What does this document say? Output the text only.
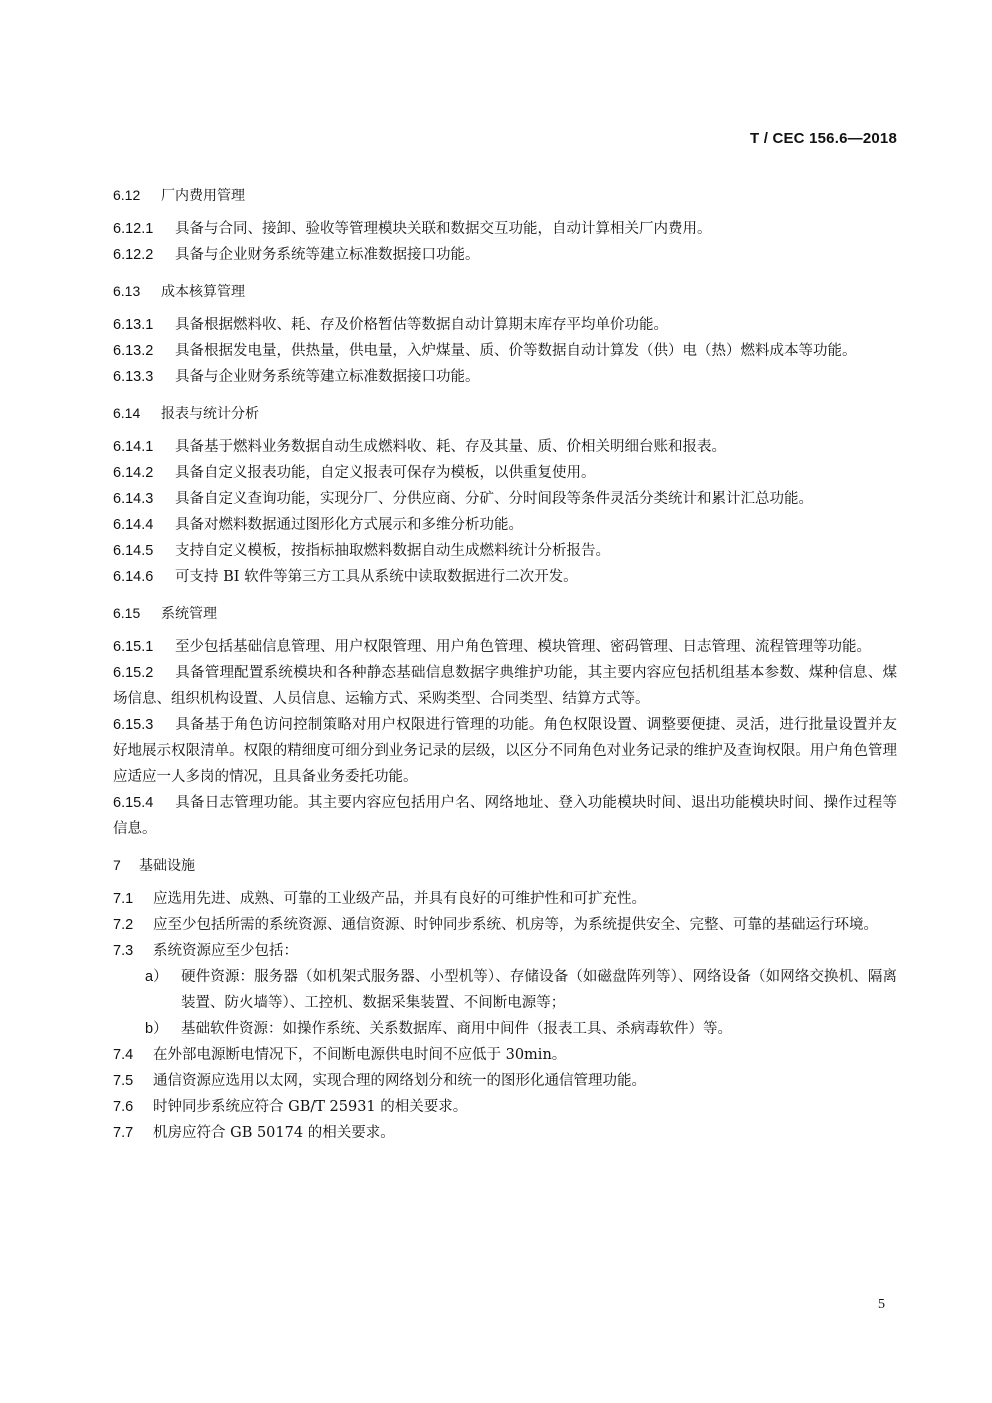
T / CEC 156.6—2018
6.12 厂内费用管理

6.12.1 具备与合同、接卸、验收等管理模块关联和数据交互功能，自动计算相关厂内费用。

6.12.2 具备与企业财务系统等建立标准数据接口功能。

6.13 成本核算管理

6.13.1 具备根据燃料收、耗、存及价格暂估等数据自动计算期末库存平均单价功能。

6.13.2 具备根据发电量，供热量，供电量，入炉煤量、质、价等数据自动计算发（供）电（热）燃料成本等功能。

6.13.3 具备与企业财务系统等建立标准数据接口功能。

6.14 报表与统计分析

6.14.1 具备基于燃料业务数据自动生成燃料收、耗、存及其量、质、价相关明细台账和报表。

6.14.2 具备自定义报表功能，自定义报表可保存为模板，以供重复使用。

6.14.3 具备自定义查询功能，实现分厂、分供应商、分矿、分时间段等条件灵活分类统计和累计汇总功能。

6.14.4 具备对燃料数据通过图形化方式展示和多维分析功能。

6.14.5 支持自定义模板，按指标抽取燃料数据自动生成燃料统计分析报告。

6.14.6 可支持 BI 软件等第三方工具从系统中读取数据进行二次开发。

6.15 系统管理

6.15.1 至少包括基础信息管理、用户权限管理、用户角色管理、模块管理、密码管理、日志管理、流程管理等功能。

6.15.2 具备管理配置系统模块和各种静态基础信息数据字典维护功能，其主要内容应包括机组基本参数、煤种信息、煤场信息、组织机构设置、人员信息、运输方式、采购类型、合同类型、结算方式等。

6.15.3 具备基于角色访问控制策略对用户权限进行管理的功能。角色权限设置、调整要便捷、灵活，进行批量设置并友好地展示权限清单。权限的精细度可细分到业务记录的层级，以区分不同角色对业务记录的维护及查询权限。用户角色管理应适应一人多岗的情况，且具备业务委托功能。

6.15.4 具备日志管理功能。其主要内容应包括用户名、网络地址、登入功能模块时间、退出功能模块时间、操作过程等信息。

7 基础设施

7.1 应选用先进、成熟、可靠的工业级产品，并具有良好的可维护性和可扩充性。

7.2 应至少包括所需的系统资源、通信资源、时钟同步系统、机房等，为系统提供安全、完整、可靠的基础运行环境。

7.3 系统资源应至少包括：

a） 硬件资源：服务器（如机架式服务器、小型机等）、存储设备（如磁盘阵列等）、网络设备（如网络交换机、隔离装置、防火墙等）、工控机、数据采集装置、不间断电源等；

b） 基础软件资源：如操作系统、关系数据库、商用中间件（报表工具、杀病毒软件）等。

7.4 在外部电源断电情况下，不间断电源供电时间不应低于 30min。

7.5 通信资源应选用以太网，实现合理的网络划分和统一的图形化通信管理功能。

7.6 时钟同步系统应符合 GB/T 25931 的相关要求。

7.7 机房应符合 GB 50174 的相关要求。

5
